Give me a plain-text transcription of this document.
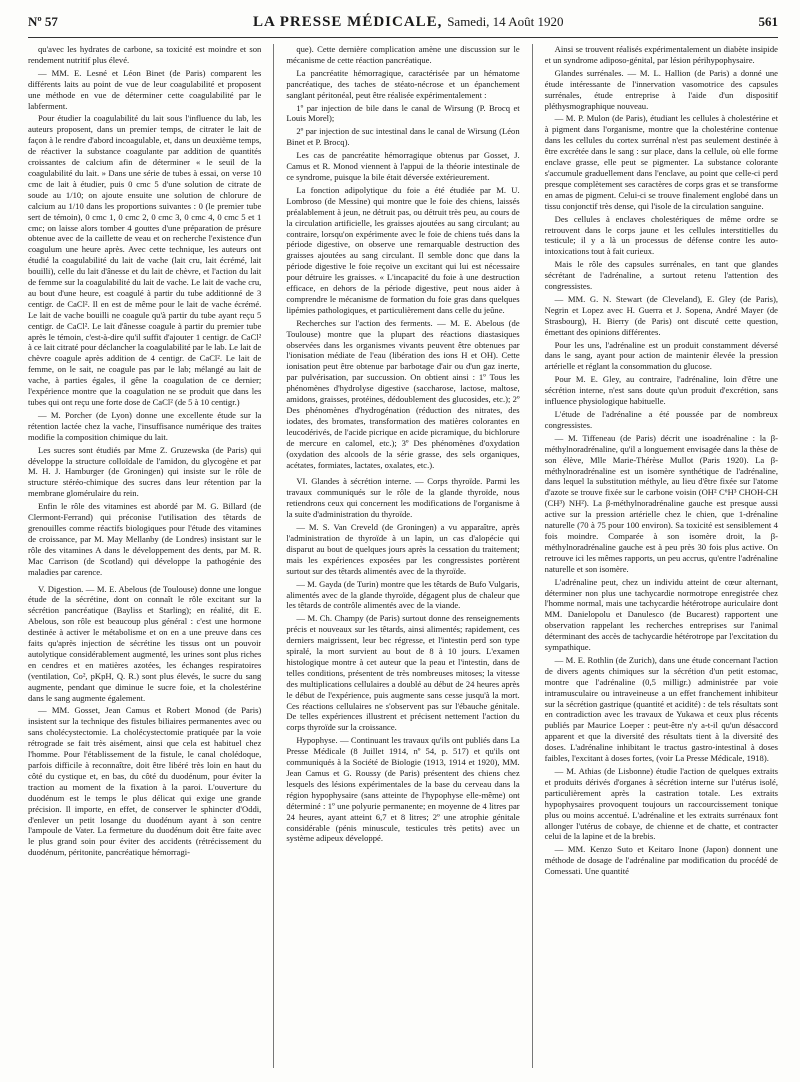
Nº 57	LA PRESSE MÉDICALE, Samedi, 14 Août 1920	561

qu'avec les hydrates de carbone, sa toxicité est moindre et son rendement nutritif plus élevé.

— MM. E. Lesné et Léon Binet (de Paris) comparent les différents laits au point de vue de leur coagulabilité et proposent une méthode en vue de déterminer cette coagulabilité par le labferment.

Pour étudier la coagulabilité du lait sous l'influence du lab, les auteurs proposent, dans un premier temps, de citrater le lait de façon à le rendre d'abord incoagulable, et, dans un deuxième temps, de réactiver la substance coagulante par addition de quantités croissantes de calcium afin de déterminer « le seuil de la coagulabilité du lait. » Dans une série de tubes à essai, on verse 10 cmc de lait à étudier, puis 0 cmc 5 d'une solution de citrate de soude au 1/10; on ajoute ensuite une solution de chlorure de calcium au 1/10 dans les proportions suivantes : 0 (le premier tube sert de témoin), 0 cmc 1, 0 cmc 2, 0 cmc 3, 0 cmc 4, 0 cmc 5 et 1 cmc; on laisse alors tomber 4 gouttes d'une préparation de présure obtenue avec de la caillette de veau et on recherche l'existence d'un coagulum une heure après. Avec cette technique, les auteurs ont étudié la coagulabilité du lait de vache (lait cru, lait écrémé, lait bouilli), celle du lait d'ânesse et du lait de chèvre, et l'action du lait de femme sur la coagulabilité du lait de vache. Le lait de vache cru, au bout d'une heure, est coagulé à partir du tube additionné de 3 centigr. de CaCl². Il en est de même pour le lait de vache écrémé. Le lait de vache bouilli ne coagule qu'à partir du tube ayant reçu 5 centigr. de CaCl². Le lait d'ânesse coagule à partir du premier tube après le témoin, c'est-à-dire qu'il suffit d'ajouter 1 centigr. de CaCl² à ce lait citraté pour déclancher la coagulabilité par le lab. Le lait de chèvre coagule après addition de 4 centigr. de CaCl². Le lait de femme, on le sait, ne coagule pas par le lab; mélangé au lait de vache, à parties égales, il gêne la coagulation de ce dernier; l'expérience montre que la coagulation ne se produit que dans les tubes qui ont reçu une forte dose de CaCl² (de 5 à 10 centigr.)

— M. Porcher (de Lyon) donne une excellente étude sur la rétention lactée chez la vache, l'insuffisance numérique des traites modifie la composition chimique du lait.

Les sucres sont étudiés par Mme Z. Gruzewska (de Paris) qui développe la structure colloïdale de l'amidon, du glycogène et par M. H. J. Hamburger (de Groningen) qui insiste sur le rôle de structure stéréo-chimique des sucres dans leur rétention par la membrane glomérulaire du rein.

Enfin le rôle des vitamines est abordé par M. G. Billard (de Clermont-Ferrand) qui préconise l'utilisation des têtards de grenouilles comme réactifs biologiques pour l'étude des vitamines de croissance, par M. May Mellanby (de Londres) insistant sur le rôle des vitamines A dans le développement des dents, par M. R. Mac Carrison (de Scotland) qui développe la pathogénie des maladies par carence.

V. Digestion. — M. E. Abelous (de Toulouse) donne une longue étude de la sécrétine, dont on connaît le rôle excitant sur la sécrétion pancréatique (Bayliss et Starling); en réalité, dit E. Abelous, son rôle est beaucoup plus général : c'est une hormone destinée à activer le métabolisme et on en a une preuve dans ces faits qu'après injection de sécrétine les tissus ont un pouvoir autolytique considérablement augmenté, les urines sont plus riches en cendres et en matières azotées, les échanges respiratoires (ventilation, Co², pKpH, Q. R.) sont plus élevés, le sucre du sang augmente, pendant que diminue le sucre foie, et la cholestérine dans le sang augmente également.

— MM. Gosset, Jean Camus et Robert Monod (de Paris) insistent sur la technique des fistules biliaires permanentes avec ou sans cholécystectomie. La cholécystectomie pratiquée par la voie rétrograde se fait très aisément, ainsi que cela est habituel chez l'homme. Pour l'établissement de la fistule, le canal cholédoque, parfois difficile à reconnaître, doit être libéré très loin en haut du côté du cystique et, en bas, du côté du duodénum, pour éviter la traction au moment de la fixation à la paroi. L'ouverture du duodénum est le temps le plus délicat qui exige une grande précision. Il importe, en effet, de conserver le sphincter d'Oddi, d'enlever un petit losange du duodénum ayant à son centre l'ampoule de Vater. La fermeture du duodénum doit être faite avec le plus grand soin pour éviter des accidents (rétrécissement du duodénum, péritonite, pancréatique hémorragi-

que). Cette dernière complication amène une discussion sur le mécanisme de cette réaction pancréatique.

La pancréatite hémorragique, caractérisée par un hématome pancréatique, des taches de stéato-nécrose et un épanchement sanglant péritonéal, peut être réalisée expérimentalement :

1º par injection de bile dans le canal de Wirsung (P. Brocq et Louis Morel);

2º par injection de suc intestinal dans le canal de Wirsung (Léon Binet et P. Brocq).

Les cas de pancréatite hémorragique obtenus par Gosset, J. Camus et R. Monod viennent à l'appui de la théorie intestinale de ce syndrome, puisque la bile était déversée extérieurement.

La fonction adipolytique du foie a été étudiée par M. U. Lombroso (de Messine) qui montre que le foie des chiens, laissés préalablement à jeun, ne détruit pas, ou détruit très peu, au cours de la circulation artificielle, les graisses ajoutées au sang circulant; au contraire, lorsqu'on expérimente avec le foie de chiens tués dans la période digestive, on observe une remarquable destruction des graisses ajoutées au sang circulant. Il semble donc que dans la période digestive le foie reçoive un excitant qui lui est nécessaire pour détruire les graisses. « L'incapacité du foie à une destruction efficace, en dehors de la période digestive, peut nous aider à comprendre le mécanisme de formation du foie gras dans quelques lipémies pathologiques, et particulièrement dans celle du jeûne.

Recherches sur l'action des ferments. — M. E. Abelous (de Toulouse) montre que la plupart des réactions diastasiques observées dans les organismes vivants peuvent être obtenues par l'ionisation médiate de l'eau (libération des ions H et OH). Cette ionisation peut être obtenue par barbotage d'air ou d'un gaz inerte, par pulvérisation, par succussion. On obtient ainsi : 1º Tous les phénomènes d'hydrolyse digestive (saccharose, lactose, maltose, amidons, graisses, protéines, dédoublement des glucosides, etc.); 2º Des phénomènes d'hydrogénation (réduction des nitrates, des iodates, des bromates, transformation des matières colorantes en leucodérivés, de l'acide picrique en acide picramique, du bichlorure de mercure en calomel, etc.); 3º Des phénomènes d'oxydation (oxydation des alcools de la série grasse, des sels organiques, acétates, formiates, lactates, oxalates, etc.).

VI. Glandes à sécrétion interne. — Corps thyroïde. Parmi les travaux communiqués sur le rôle de la glande thyroïde, nous retiendrons ceux qui concernent les modifications de l'organisme à la suite d'administration du thyroïde.

— M. S. Van Creveld (de Groningen) a vu apparaître, après l'administration de thyroïde à un lapin, un cas d'alopécie qui disparut au bout de quelques jours après la cessation du traitement; mais les expériences exposées par les congressistes portèrent surtout sur des têtards alimentés avec de la thyroïde.

— M. Gayda (de Turin) montre que les têtards de Bufo Vulgaris, alimentés avec de la glande thyroïde, dégagent plus de chaleur que les têtards de contrôle alimentés avec de la viande.

— M. Ch. Champy (de Paris) surtout donne des renseignements précis et nouveaux sur les têtards, ainsi alimentés; rapidement, ces derniers maigrissent, leur bec régresse, et l'intestin perd son type spiralé, la mort survient au bout de 8 à 10 jours. L'examen histologique montre à cet auteur que la peau et l'intestin, dans de telles conditions, présentent de très nombreuses mitoses; la vitesse des multiplications cellulaires a doublé au début de 24 heures après le début de l'expérience, puis augmente sans cesse jusqu'à la mort. Ces réactions cellulaires ne s'observent pas sur l'ébauche génitale. De telles expériences illustrent et précisent nettement l'action du corps thyroïde sur la croissance.

Hypophyse. — Continuant les travaux qu'ils ont publiés dans La Presse Médicale (8 Juillet 1914, nº 54, p. 517) et qu'ils ont communiqués à la Société de Biologie (1913, 1914 et 1920), MM. Jean Camus et G. Roussy (de Paris) présentent des chiens chez lesquels des lésions expérimentales de la base du cerveau dans la région hypophysaire (sans atteinte de l'hypophyse elle-même) ont déterminé : 1º une polyurie permanente; en moyenne de 4 litres par 24 heures, ayant atteint 6,7 et 8 litres; 2º une atrophie génitale considérable (pénis minuscule, testicules très petits) avec un système adipeux développé.

Ainsi se trouvent réalisés expérimentalement un diabète insipide et un syndrome adiposo-génital, par lésion périhypophysaire.

Glandes surrénales. — M. L. Hallion (de Paris) a donné une étude intéressante de l'innervation vasomotrice des capsules surrénales, étude entreprise à l'aide d'un dispositif pléthysmographique nouveau.

— M. P. Mulon (de Paris), étudiant les cellules à cholestérine et à pigment dans l'organisme, montre que la cholestérine contenue dans les cellules du cortex surrénal n'est pas seulement destinée à être excrétée dans le sang : sur place, dans la cellule, où elle forme enclave grasse, elle peut se pigmenter. La substance colorante s'accumule graduellement dans l'enclave, au point que celle-ci perd presque complètement ses caractères de corps gras et se transforme en amas de pigment. Celui-ci se trouve finalement englobé dans un tissu conjonctif très dense, qui l'isole de la circulation sanguine.

Des cellules à enclaves cholestériques de même ordre se retrouvent dans le corps jaune et les cellules interstitielles du testicule; il y a là un processus de défense contre les auto-intoxications tout à fait curieux.

Mais le rôle des capsules surrénales, en tant que glandes sécrétant de l'adrénaline, a surtout retenu l'attention des congressistes.

— MM. G. N. Stewart (de Cleveland), E. Gley (de Paris), Negrin et Lopez avec H. Guerra et J. Sopena, André Mayer (de Strasbourg), H. Bierry (de Paris) ont discuté cette question, émettant des opinions différentes.

Pour les uns, l'adrénaline est un produit constamment déversé dans le sang, ayant pour action de maintenir élevée la pression artérielle et réglant la consommation du glucose.

Pour M. E. Gley, au contraire, l'adrénaline, loin d'être une sécrétion interne, n'est sans doute qu'un produit d'excrétion, sans influence physiologique habituelle.

L'étude de l'adrénaline a été poussée par de nombreux congressistes.

— M. Tiffeneau (de Paris) décrit une isoadrénaline : la β-méthylnoradrénaline, qu'il a longuement envisagée dans la thèse de son élève, Mlle Marie-Thérèse Mullot (Paris 1920). La β-méthylnoradrénaline est un isomère synthétique de l'adrénaline, dans lequel la substitution méthyle, au lieu d'être fixée sur l'atome d'azote se trouve fixée sur le carbone voisin (OH² C⁶H³ CHOH-CH (CH³) NH²). La β-méthylnoradrénaline gauche est presque aussi active sur la pression artérielle chez le chien, que 1-drénaline naturelle (70 à 75 pour 100 environ). Sa toxicité est sensiblement 4 fois moindre. Comparée à son isomère droit, la β-méthylnoradrénaline gauche est à peu près 30 fois plus active. On retrouve ici les mêmes rapports, un peu accrus, qu'entre l'adrénaline naturelle et son isomère.

L'adrénaline peut, chez un individu atteint de cœur alternant, déterminer non plus une tachycardie normotrope enregistrée chez l'homme normal, mais une tachycardie hétérotrope auriculaire dont MM. Danielopolu et Danulesco (de Bucarest) rapportent une observation rappelant les recherches entreprises sur l'animal déterminant des accès de tachycardie hétérotrope par l'excitation du sympathique.

— M. E. Rothlin (de Zurich), dans une étude concernant l'action de divers agents chimiques sur la sécrétion d'un petit estomac, montre que l'adrénaline (0,5 milligr.) administrée par voie intramusculaire ou intraveineuse a un effet franchement inhibiteur sur la sécrétion gastrique (quantité et acidité) : de tels résultats sont en contradiction avec les travaux de Yukawa et ceux plus récents publiés par Maurice Loeper : peut-être n'y a-t-il qu'un désaccord apparent et que la diversité des résultats tient à la diversité des doses. L'adrénaline inhibitant le tractus gastro-intestinal à doses faibles, l'excitant à doses fortes, (voir La Presse Médicale, 1918).

— M. Athias (de Lisbonne) étudie l'action de quelques extraits et produits dérivés d'organes à sécrétion interne sur l'utérus isolé, particulièrement après la castration totale. Les extraits hypophysaires provoquent toujours un raccourcissement tonique plus ou moins accentué. L'adrénaline et les extraits surrénaux font allonger l'utérus de cobaye, de chienne et de chatte, et contracter celui de la lapine et de la brebis.

— MM. Kenzo Suto et Keitaro Inone (Japon) donnent une méthode de dosage de l'adrénaline par modification du procédé de Comessati. Une quantité
